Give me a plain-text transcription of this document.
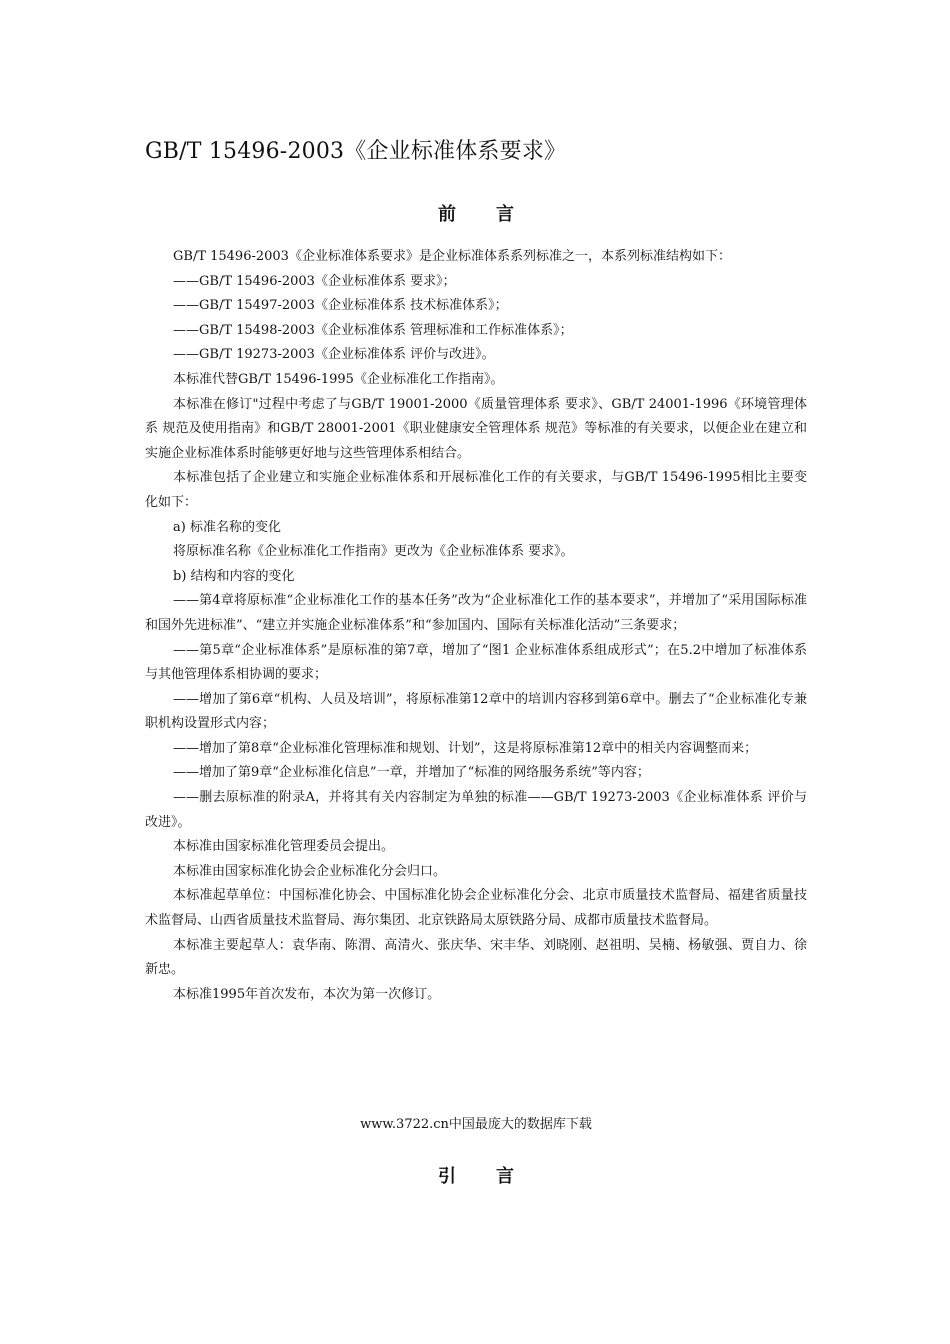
GB/T 15496-2003《企业标准体系要求》
前言

GB/T 15496-2003《企业标准体系要求》是企业标准体系系列标准之一，本系列标准结构如下：

——GB/T 15496-2003《企业标准体系 要求》；

——GB/T 15497-2003《企业标准体系 技术标准体系》；

——GB/T 15498-2003《企业标准体系 管理标准和工作标准体系》；

——GB/T 19273-2003《企业标准体系 评价与改进》。

本标准代替GB/T 15496-1995《企业标准化工作指南》。

本标准在修订"过程中考虑了与GB/T 19001-2000《质量管理体系 要求》、GB/T 24001-1996《环境管理体系 规范及使用指南》和GB/T 28001-2001《职业健康安全管理体系 规范》等标准的有关要求，以便企业在建立和实施企业标准体系时能够更好地与这些管理体系相结合。

本标准包括了企业建立和实施企业标准体系和开展标准化工作的有关要求，与GB/T 15496-1995相比主要变化如下：

a) 标准名称的变化

将原标准名称《企业标准化工作指南》更改为《企业标准体系 要求》。

b) 结构和内容的变化

——第4章将原标准“企业标准化工作的基本任务”改为“企业标准化工作的基本要求”，并增加了“采用国际标准和国外先进标准”、“建立并实施企业标准体系”和“参加国内、国际有关标准化活动”三条要求；

——第5章“企业标准体系”是原标准的第7章，增加了“图1 企业标准体系组成形式”；在5.2中增加了标准体系与其他管理体系相协调的要求；

——增加了第6章“机构、人员及培训”，将原标准第12章中的培训内容移到第6章中。删去了“企业标准化专兼职机构设置形式内容；

——增加了第8章“企业标准化管理标准和规划、计划”，这是将原标准第12章中的相关内容调整而来；

——增加了第9章“企业标准化信息”一章，并增加了“标准的网络服务系统”等内容；

——删去原标准的附录A，并将其有关内容制定为单独的标准——GB/T 19273-2003《企业标准体系 评价与改进》。

本标准由国家标准化管理委员会提出。

本标准由国家标准化协会企业标准化分会归口。

本标准起草单位：中国标准化协会、中国标准化协会企业标准化分会、北京市质量技术监督局、福建省质量技术监督局、山西省质量技术监督局、海尔集团、北京铁路局太原铁路分局、成都市质量技术监督局。

本标准主要起草人：袁华南、陈渭、高清火、张庆华、宋丰华、刘晓刚、赵祖明、吴楠、杨敏强、贾自力、徐新忠。

本标准1995年首次发布，本次为第一次修订。

www.3722.cn中国最庞大的数据库下载
引言
